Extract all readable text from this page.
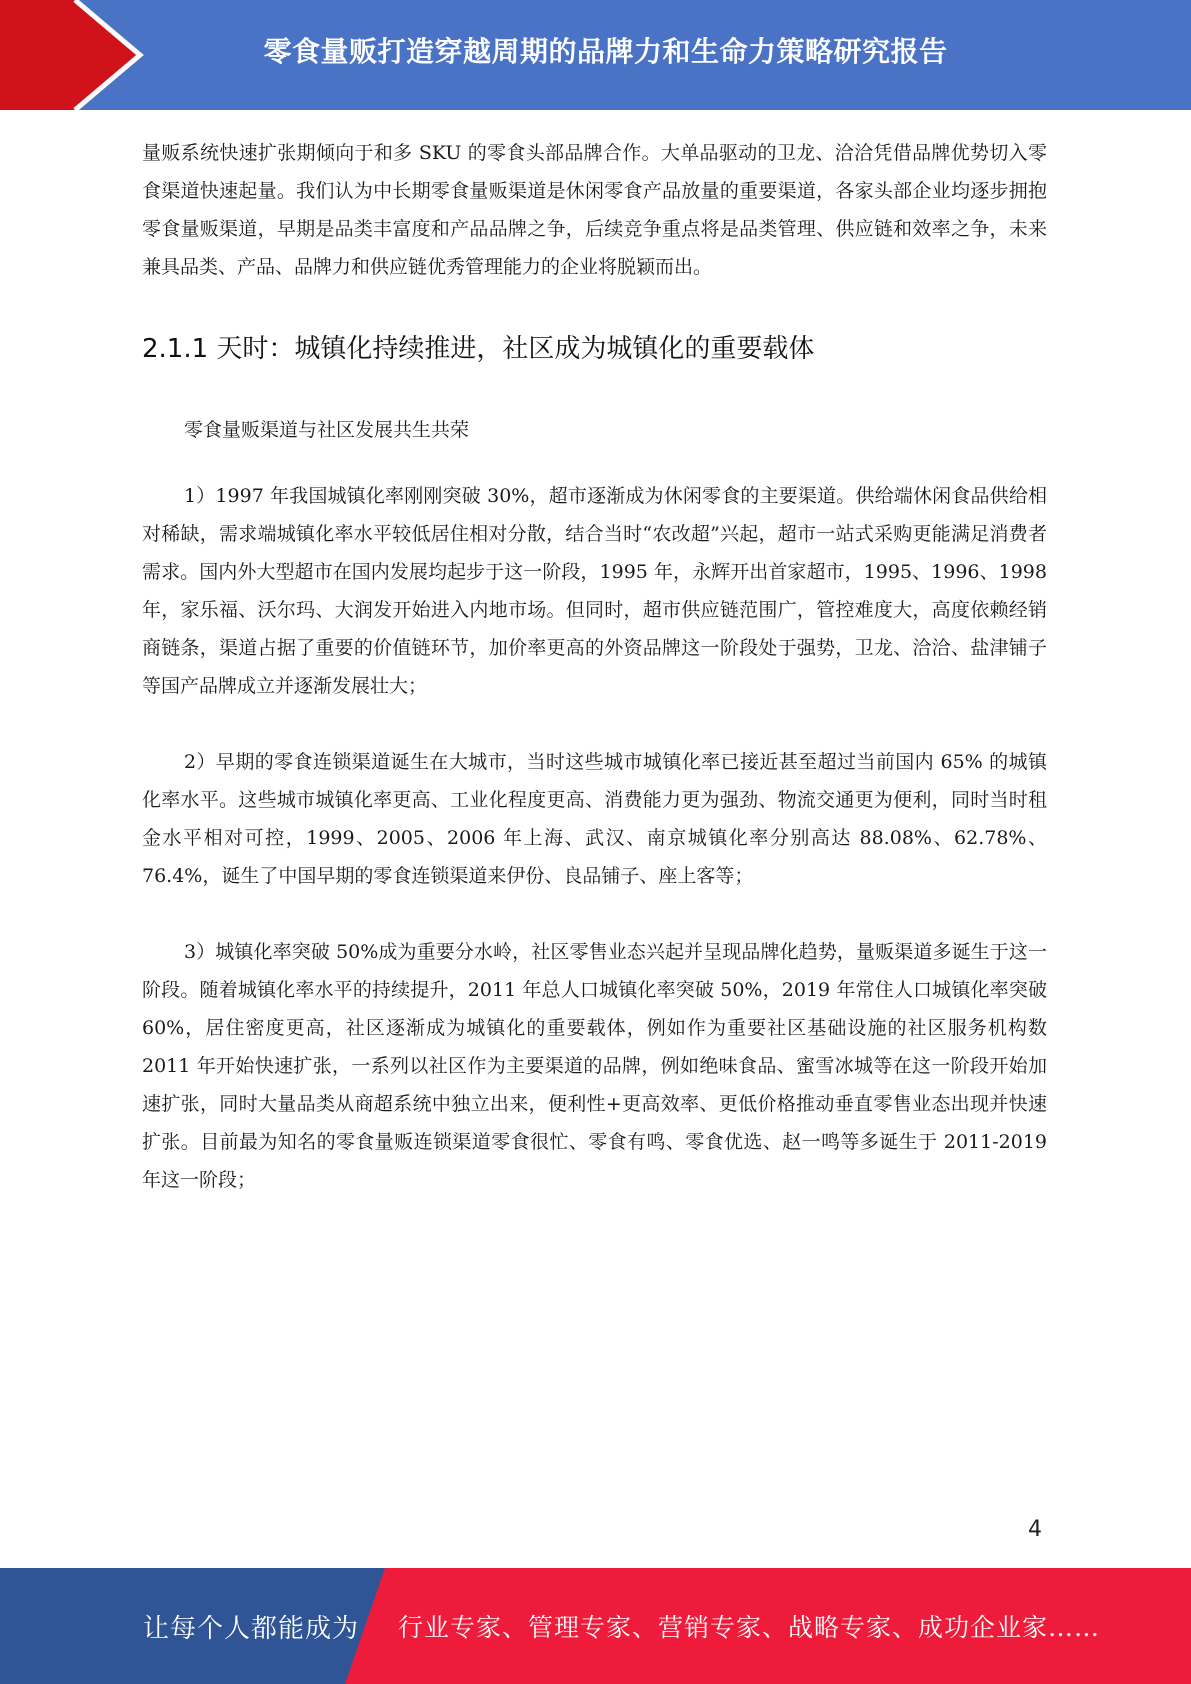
零食量贩打造穿越周期的品牌力和生命力策略研究报告

量贩系统快速扩张期倾向于和多 SKU 的零食头部品牌合作。大单品驱动的卫龙、洽洽凭借品牌优势切入零食渠道快速起量。我们认为中长期零食量贩渠道是休闲零食产品放量的重要渠道，各家头部企业均逐步拥抱零食量贩渠道，早期是品类丰富度和产品品牌之争，后续竞争重点将是品类管理、供应链和效率之争，未来兼具品类、产品、品牌力和供应链优秀管理能力的企业将脱颖而出。

2.1.1 天时：城镇化持续推进，社区成为城镇化的重要载体

零食量贩渠道与社区发展共生共荣

1）1997 年我国城镇化率刚刚突破 30%，超市逐渐成为休闲零食的主要渠道。供给端休闲食品供给相对稀缺，需求端城镇化率水平较低居住相对分散，结合当时“农改超”兴起，超市一站式采购更能满足消费者需求。国内外大型超市在国内发展均起步于这一阶段，1995 年，永辉开出首家超市，1995、1996、1998 年，家乐福、沃尔玛、大润发开始进入内地市场。但同时，超市供应链范围广，管控难度大，高度依赖经销商链条，渠道占据了重要的价值链环节，加价率更高的外资品牌这一阶段处于强势，卫龙、洽洽、盐津铺子等国产品牌成立并逐渐发展壮大；

2）早期的零食连锁渠道诞生在大城市，当时这些城市城镇化率已接近甚至超过当前国内 65% 的城镇化率水平。这些城市城镇化率更高、工业化程度更高、消费能力更为强劲、物流交通更为便利，同时当时租金水平相对可控，1999、2005、2006 年上海、武汉、南京城镇化率分别高达 88.08%、62.78%、76.4%，诞生了中国早期的零食连锁渠道来伊份、良品铺子、座上客等；

3）城镇化率突破 50%成为重要分水岭，社区零售业态兴起并呈现品牌化趋势，量贩渠道多诞生于这一阶段。随着城镇化率水平的持续提升，2011 年总人口城镇化率突破 50%，2019 年常住人口城镇化率突破 60%，居住密度更高，社区逐渐成为城镇化的重要载体，例如作为重要社区基础设施的社区服务机构数 2011 年开始快速扩张，一系列以社区作为主要渠道的品牌，例如绝味食品、蜜雪冰城等在这一阶段开始加速扩张，同时大量品类从商超系统中独立出来，便利性+更高效率、更低价格推动垂直零售业态出现并快速扩张。目前最为知名的零食量贩连锁渠道零食很忙、零食有鸣、零食优选、赵一鸣等多诞生于 2011-2019 年这一阶段；

4
让每个人都能成为 行业专家、管理专家、营销专家、战略专家、成功企业家……
